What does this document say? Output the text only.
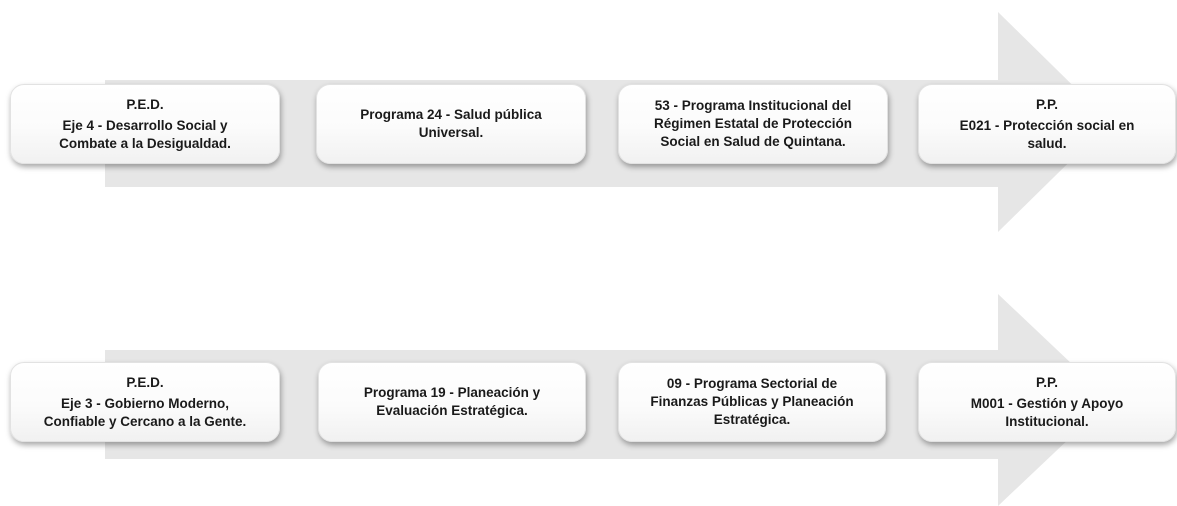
P.E.D.
Eje 4 - Desarrollo Social y
Combate a la Desigualdad.
Programa 24 - Salud pública
Universal.
53 - Programa Institucional del
Régimen Estatal de Protección
Social en Salud de Quintana.
P.P.
E021 - Protección social en
salud.
P.E.D.
Eje 3 - Gobierno Moderno,
Confiable y Cercano a la Gente.
Programa 19 - Planeación y
Evaluación Estratégica.
09 - Programa Sectorial de
Finanzas Públicas y Planeación
Estratégica.
P.P.
M001 - Gestión y Apoyo
Institucional.
